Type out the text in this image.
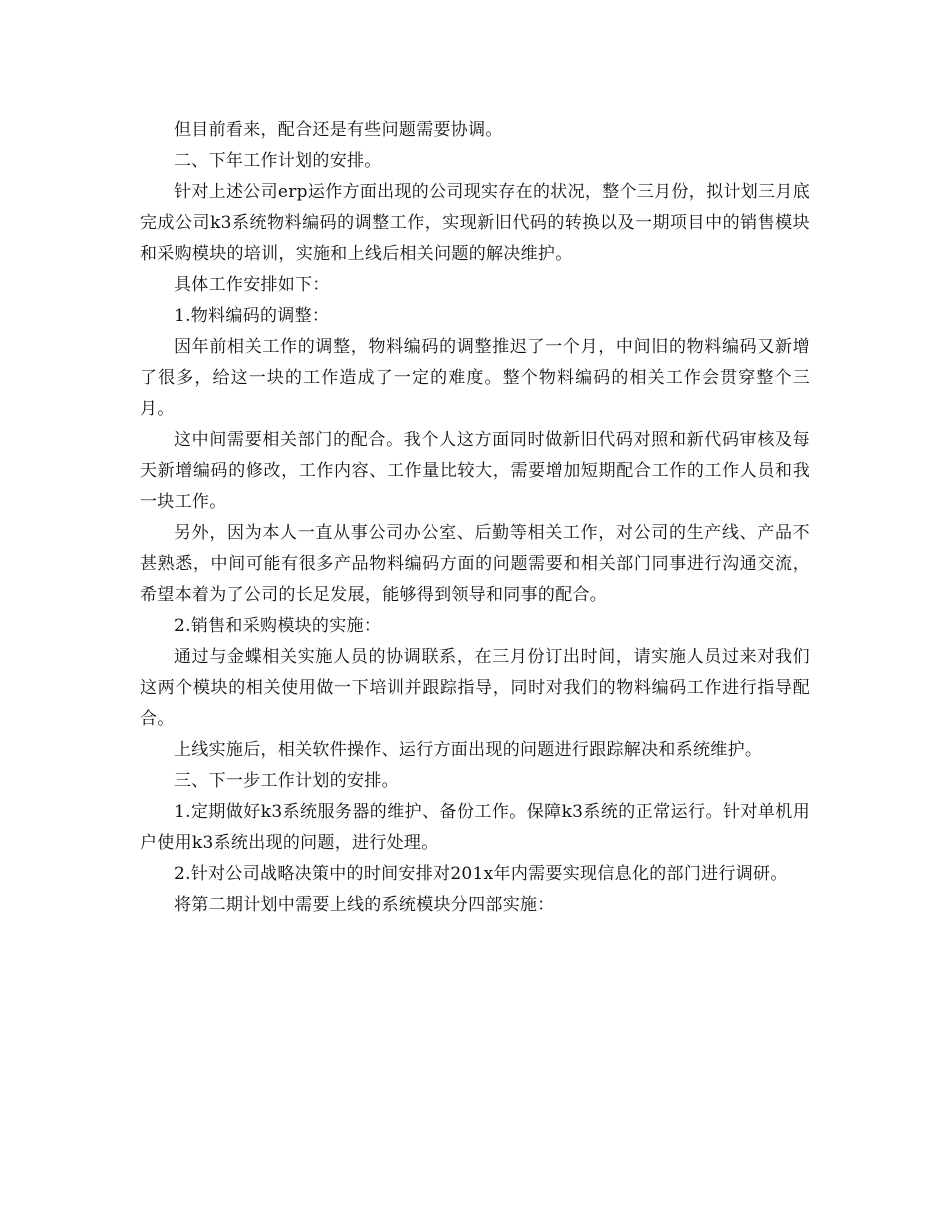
但目前看来，配合还是有些问题需要协调。

二、下年工作计划的安排。

针对上述公司erp运作方面出现的公司现实存在的状况，整个三月份，拟计划三月底完成公司k3系统物料编码的调整工作，实现新旧代码的转换以及一期项目中的销售模块和采购模块的培训，实施和上线后相关问题的解决维护。

具体工作安排如下：

1.物料编码的调整：

因年前相关工作的调整，物料编码的调整推迟了一个月，中间旧的物料编码又新增了很多，给这一块的工作造成了一定的难度。整个物料编码的相关工作会贯穿整个三月。

这中间需要相关部门的配合。我个人这方面同时做新旧代码对照和新代码审核及每天新增编码的修改，工作内容、工作量比较大，需要增加短期配合工作的工作人员和我一块工作。

另外，因为本人一直从事公司办公室、后勤等相关工作，对公司的生产线、产品不甚熟悉，中间可能有很多产品物料编码方面的问题需要和相关部门同事进行沟通交流，希望本着为了公司的长足发展，能够得到领导和同事的配合。

2.销售和采购模块的实施：

通过与金蝶相关实施人员的协调联系，在三月份订出时间，请实施人员过来对我们这两个模块的相关使用做一下培训并跟踪指导，同时对我们的物料编码工作进行指导配合。

上线实施后，相关软件操作、运行方面出现的问题进行跟踪解决和系统维护。

三、下一步工作计划的安排。

1.定期做好k3系统服务器的维护、备份工作。保障k3系统的正常运行。针对单机用户使用k3系统出现的问题，进行处理。

2.针对公司战略决策中的时间安排对201x年内需要实现信息化的部门进行调研。

将第二期计划中需要上线的系统模块分四部实施：
